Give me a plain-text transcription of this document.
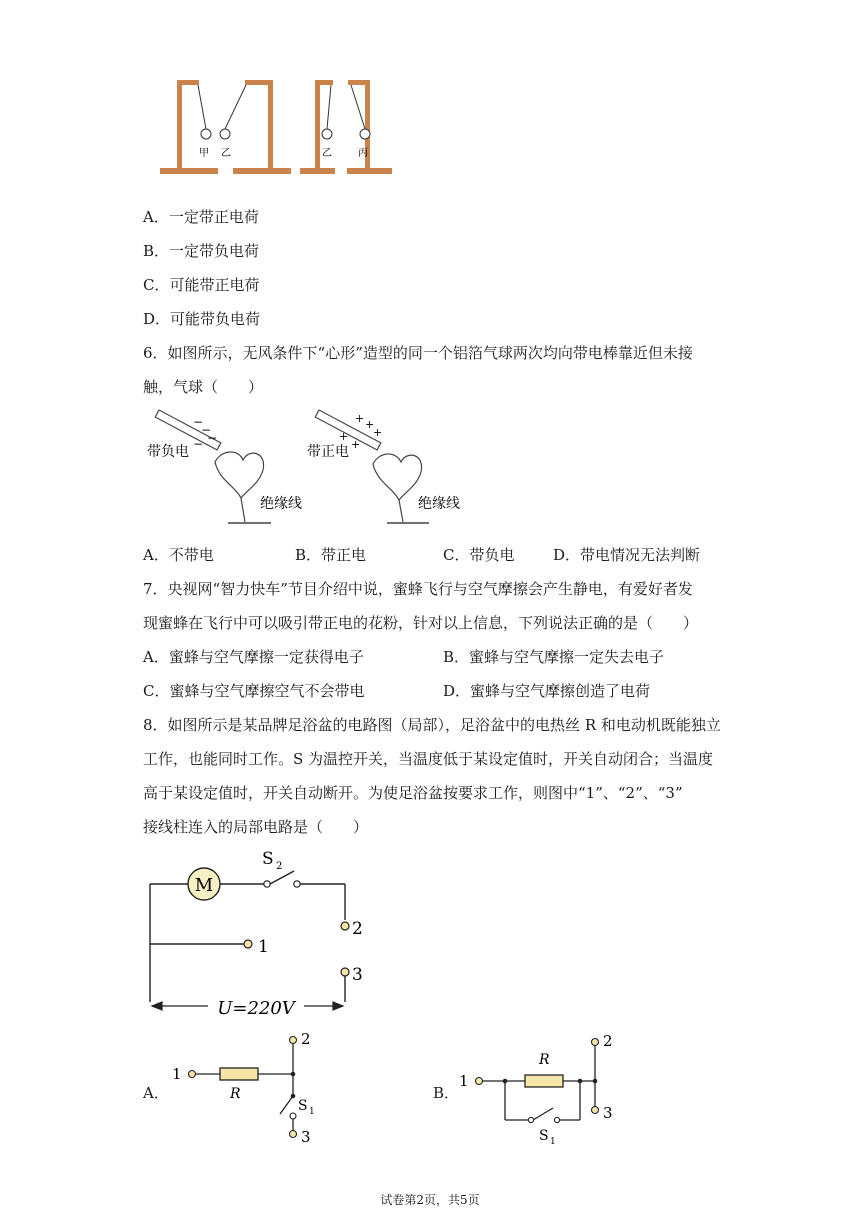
甲 乙	乙	丙
A．一定带正电荷
B．一定带负电荷
C．可能带正电荷
D．可能带负电荷
6．如图所示，无风条件下“心形”造型的同一个铝箔气球两次均向带电棒靠近但未接
触，气球（　　）
−
−
−
−
带负电
绝缘线
+ +
+
+
+
带正电
绝缘线
A．不带电	B．带正电	C．带负电	D．带电情况无法判断
7．央视网“智力快车”节目介绍中说，蜜蜂飞行与空气摩擦会产生静电，有爱好者发
现蜜蜂在飞行中可以吸引带正电的花粉，针对以上信息，下列说法正确的是（　　）
A．蜜蜂与空气摩擦一定获得电子	B．蜜蜂与空气摩擦一定失去电子
C．蜜蜂与空气摩擦空气不会带电	D．蜜蜂与空气摩擦创造了电荷
8．如图所示是某品牌足浴盆的电路图（局部），足浴盆中的电热丝 R 和电动机既能独立
工作，也能同时工作。S 为温控开关，当温度低于某设定值时，开关自动闭合；当温度
高于某设定值时，开关自动断开。为使足浴盆按要求工作，则图中“1”、“2”、“3”
接线柱连入的局部电路是（　　）
M
S 2
2
1
3
U=220V
A．
1
2
S 1
3
R	B．
1
2
3
R
S 1
试卷第2页，共5页
